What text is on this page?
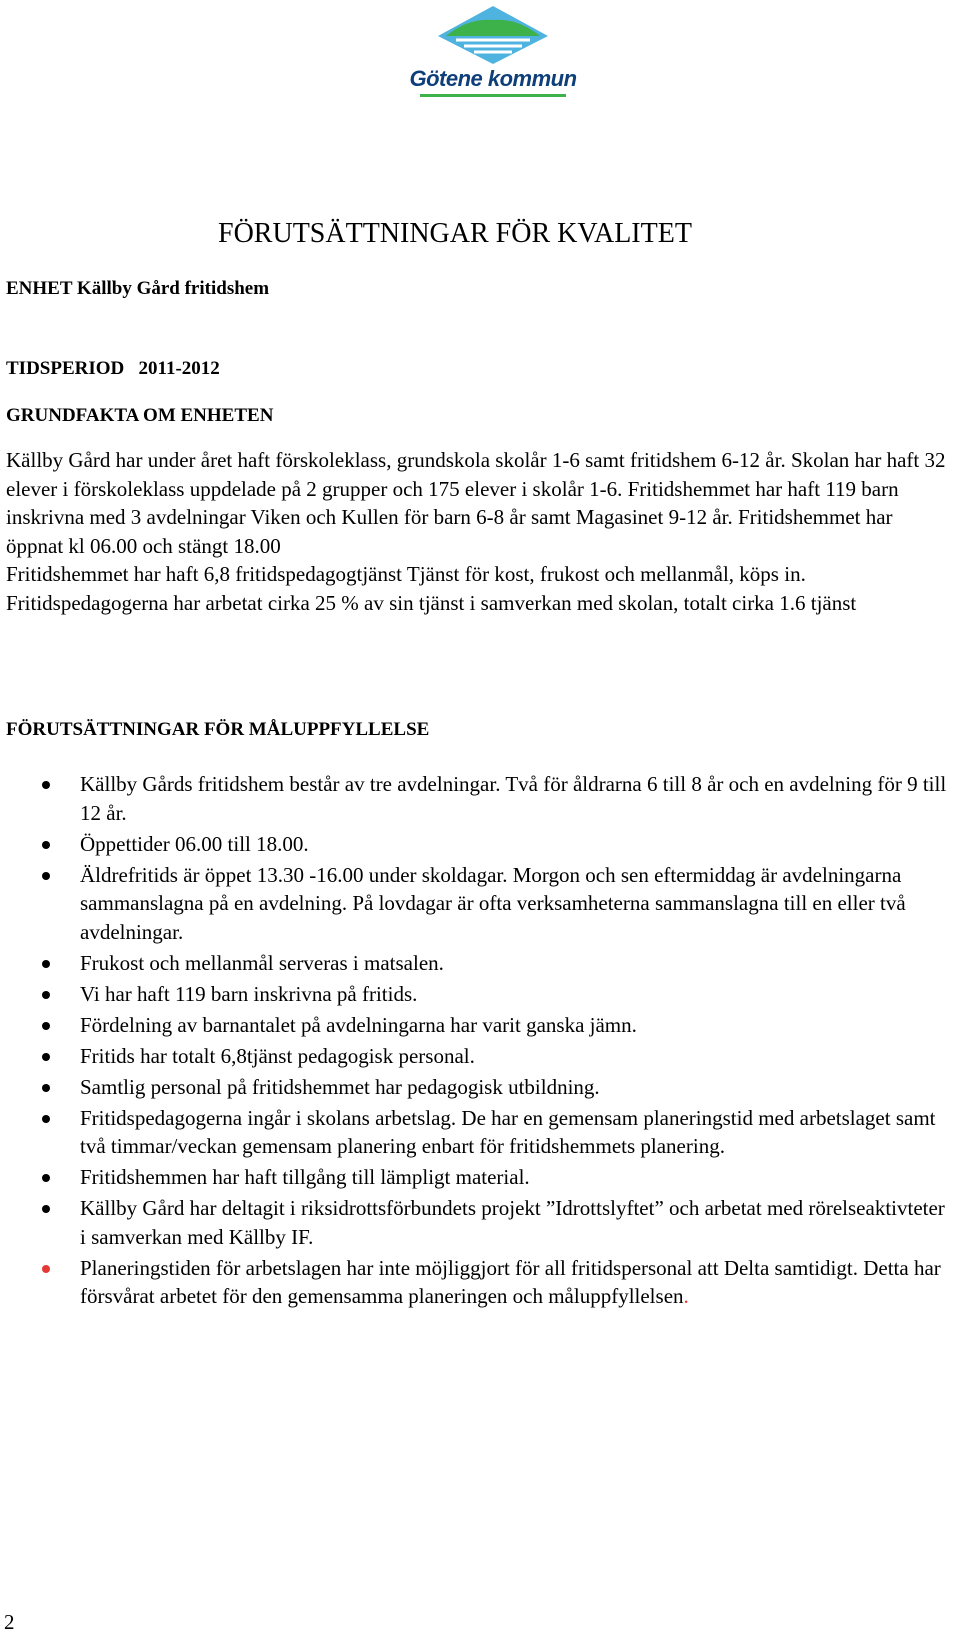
Götene kommun
FÖRUTSÄTTNINGAR FÖR KVALITET
ENHET Källby Gård fritidshem
TIDSPERIOD   2011-2012
GRUNDFAKTA OM ENHETEN

Källby Gård har under året haft förskoleklass, grundskola skolår 1-6 samt fritidshem 6-12 år. Skolan har haft 32 elever i förskoleklass uppdelade på 2 grupper och 175 elever i skolår 1-6. Fritidshemmet har haft 119 barn inskrivna med 3 avdelningar Viken och Kullen för barn 6-8 år samt Magasinet 9-12 år. Fritidshemmet har öppnat kl 06.00 och stängt 18.00

Fritidshemmet har haft 6,8 fritidspedagogtjänst Tjänst för kost, frukost och mellanmål, köps in.

Fritidspedagogerna har arbetat cirka 25 % av sin tjänst i samverkan med skolan, totalt cirka 1.6 tjänst

FÖRUTSÄTTNINGAR FÖR MÅLUPPFYLLELSE
Källby Gårds fritidshem består av tre avdelningar. Två för åldrarna 6 till 8 år och en avdelning för 9 till 12 år.
Öppettider 06.00 till 18.00.
Äldrefritids är öppet 13.30 -16.00 under skoldagar. Morgon och sen eftermiddag är avdelningarna sammanslagna på en avdelning. På lovdagar är ofta verksamheterna sammanslagna till en eller två avdelningar.
Frukost och mellanmål serveras i matsalen.
Vi har haft 119 barn inskrivna på fritids.
Fördelning av barnantalet på avdelningarna har varit ganska jämn.
Fritids har totalt 6,8tjänst pedagogisk personal.
Samtlig personal på fritidshemmet har pedagogisk utbildning.
Fritidspedagogerna ingår i skolans arbetslag. De har en gemensam planeringstid med arbetslaget samt två timmar/veckan gemensam planering enbart för fritidshemmets planering.
Fritidshemmen har haft tillgång till lämpligt material.
Källby Gård har deltagit i riksidrottsförbundets projekt ”Idrottslyftet” och arbetat med rörelseaktivteter i samverkan med Källby IF.
Planeringstiden för arbetslagen har inte möjliggjort för all fritidspersonal att Delta samtidigt. Detta har försvårat arbetet för den gemensamma planeringen och måluppfyllelsen.
2
